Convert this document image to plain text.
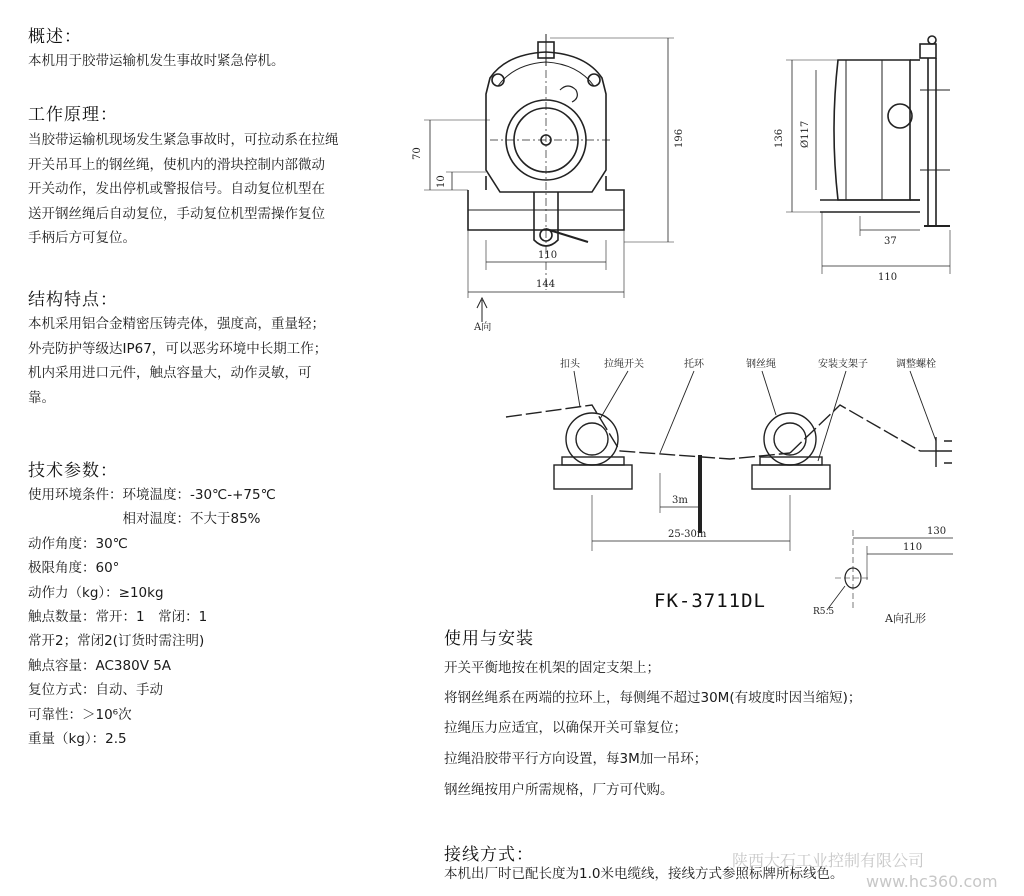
概述：
本机用于胶带运输机发生事故时紧急停机。
工作原理：
当胶带运输机现场发生紧急事故时，可拉动系在拉绳
开关吊耳上的钢丝绳，使机内的滑块控制内部微动
开关动作，发出停机或警报信号。自动复位机型在
送开钢丝绳后自动复位，手动复位机型需操作复位
手柄后方可复位。
结构特点：
本机采用铝合金精密压铸壳体，强度高，重量轻；
外壳防护等级达IP67，可以恶劣环境中长期工作；
机内采用进口元件，触点容量大，动作灵敏，可
靠。
技术参数：
使用环境条件：环境温度：-30℃-+75℃
　　　　　　　相对温度：不大于85%
动作角度：30℃
极限角度：60°
动作力（kg）：≥10kg
触点数量：常开：1　常闭：1
常开2；常闭2(订货时需注明)
触点容量：AC380V 5A
复位方式：自动、手动
可靠性：＞10⁶次
重量（kg）：2.5
70
10
110
144
196
A向
136 Ø117
37
110
扣头 拉绳开关	托环	钢丝绳	安装支架子	调整螺栓
3m
25-30m	130
110
R5.5	A向孔形
FK-3711DL
使用与安装
开关平衡地按在机架的固定支架上；
将钢丝绳系在两端的拉环上，每侧绳不超过30M(有坡度时因当缩短)；
拉绳压力应适宜，以确保开关可靠复位；
拉绳沿胶带平行方向设置，每3M加一吊环；
钢丝绳按用户所需规格，厂方可代购。
接线方式：
本机出厂时已配长度为1.0米电缆线，接线方式参照标牌所标线色。
陕西大石工业控制有限公司
www.hc360.com
